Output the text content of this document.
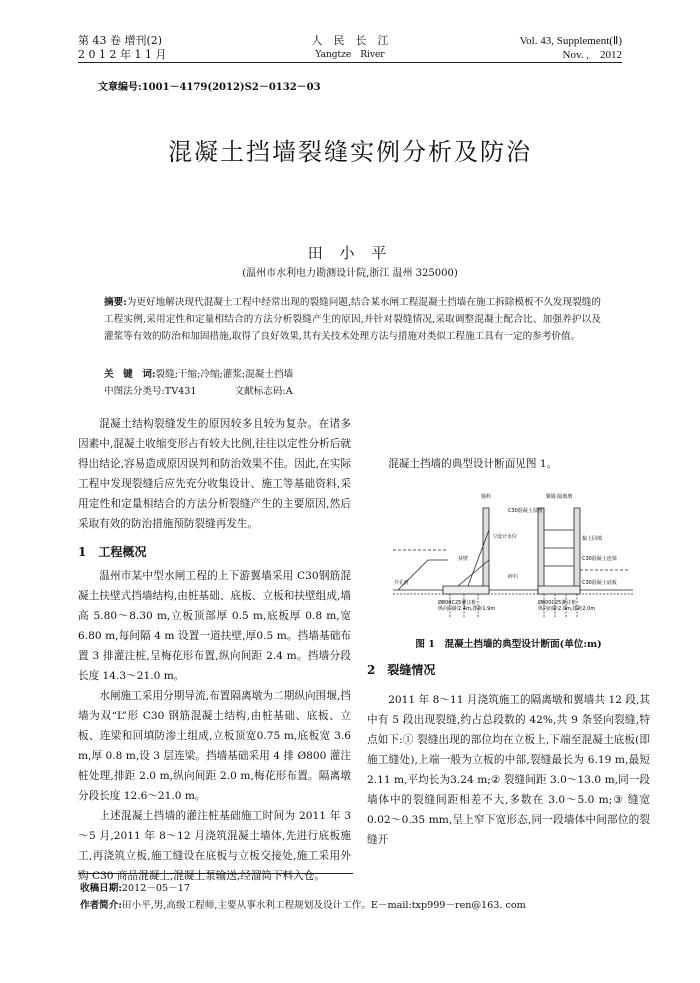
第 43 卷 增刊(2)
2 0 1 2 年 1 1 月
人　民　长　江
Yangtze　River
Vol. 43, Supplement(Ⅱ)
Nov. ,　2012
文章编号:1001－4179(2012)S2－0132－03
混凝土挡墙裂缝实例分析及防治
田 小 平
(温州市水利电力勘测设计院,浙江 温州 325000)
摘要:为更好地解决现代混凝土工程中经常出现的裂缝问题,结合某水闸工程混凝土挡墙在施工拆除模板不久发现裂缝的工程实例,采用定性和定量相结合的方法分析裂缝产生的原因,并针对裂缝情况,采取调整混凝土配合比、加强养护以及灌浆等有效的防治和加固措施,取得了良好效果,其有关技术处理方法与措施对类似工程施工具有一定的参考价值。
关　键　词:裂缝;干缩;冷缩;灌浆;混凝土挡墙
中图法分类号:TV431	文献标志码:A

混凝土结构裂缝发生的原因较多且较为复杂。在诸多因素中,混凝土收缩变形占有较大比例,往往以定性分析后就得出结论,容易造成原因误判和防治效果不佳。因此,在实际工程中发现裂缝后应先充分收集设计、施工等基础资料,采用定性和定量相结合的方法分析裂缝产生的主要原因,然后采取有效的防治措施预防裂缝再发生。

1　工程概况

温州市某中型水闸工程的上下游翼墙采用 C30钢筋混凝土扶壁式挡墙结构,由桩基础、底板、立板和扶壁组成,墙高 5.80～8.30 m,立板顶部厚 0.5 m,底板厚 0.8 m,宽 6.80 m,每间隔 4 m 设置一道扶壁,厚0.5 m。挡墙基础布置 3 排灌注桩,呈梅花形布置,纵向间距 2.4 m。挡墙分段长度 14.3～21.0 m。

水闸施工采用分期导流,布置隔离墩为二期纵向围堰,挡墙为双“L”形 C30 钢筋混凝土结构,由桩基础、底板、立板、连梁和回填防渗土组成,立板顶宽0.75 m,底板宽 3.6 m,厚 0.8 m,设 3 层连梁。挡墙基础采用 4 排 Ø800 灌注桩处理,排距 2.0 m,纵向间距 2.0 m,梅花形布置。隔离墩分段长度 12.6～21.0 m。

上述混凝土挡墙的灌注桩基础施工时间为 2011 年 3～5 月,2011 年 8～12 月浇筑混凝土墙体,先进行底板施工,再浇筑立板,施工缝设在底板与立板交接处,施工采用外购 C30 商品混凝土,混凝土泵输送,经溜筒下料入仓。

混凝土挡墙的典型设计断面见图 1。

锚栓	翼墙 隔离墩
C30混凝土扶壁
▽设计水位
扶壁	C30混凝土连梁
黏土回填
碎石
C30混凝土底板
升孔桩
Ø800C25灌注桩
纵向间距2.4m,排距1.9m
Ø800C25灌注桩
纵向间距2.0m,排距2.0m
图 1　混凝土挡墙的典型设计断面(单位:m)
2　裂缝情况

2011 年 8～11 月浇筑施工的隔离墩和翼墙共 12 段,其中有 5 段出现裂缝,约占总段数的 42%,共 9 条竖向裂缝,特点如下:① 裂缝出现的部位均在立板上,下端至混凝土底板(即施工缝处),上端一般为立板的中部,裂缝最长为 6.19 m,最短 2.11 m,平均长为3.24 m;② 裂缝间距 3.0～13.0 m,同一段墙体中的裂缝间距相差不大,多数在 3.0～5.0 m;③ 缝宽 0.02～0.35 mm,呈上窄下宽形态,同一段墙体中间部位的裂缝开

收稿日期:2012－05－17
作者简介:田小平,男,高级工程师,主要从事水利工程规划及设计工作。E－mail:txp999－ren@163. com
